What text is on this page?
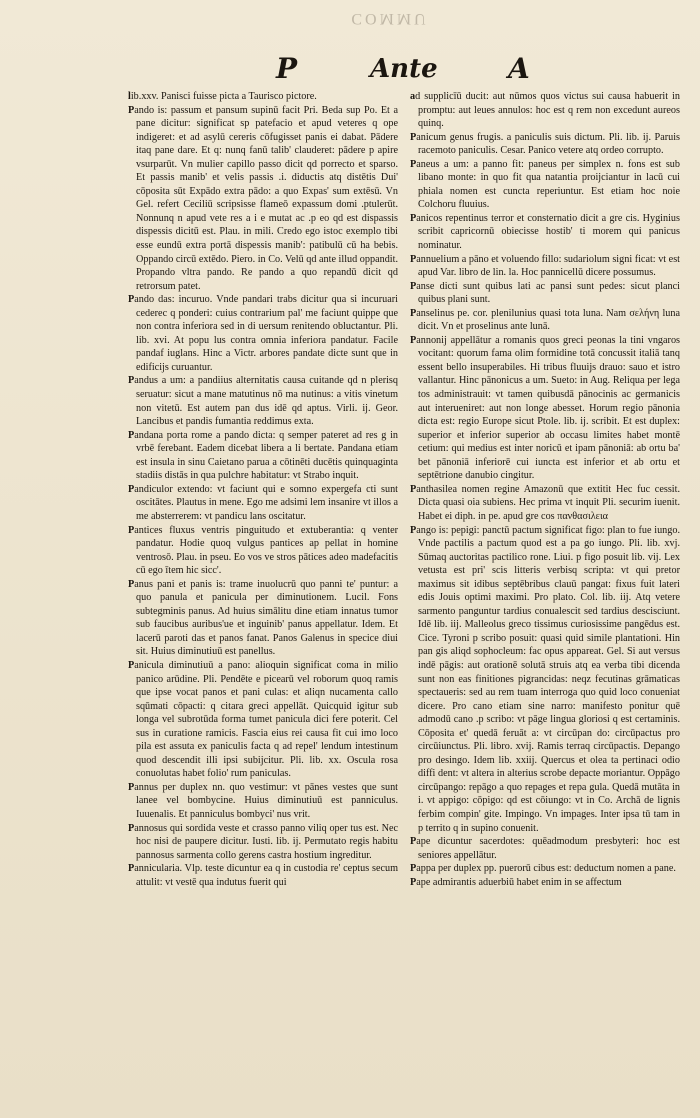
COMMU
P	Ante	A

lib.xxv. Panisci fuisse picta a Taurisco pictore.

Pando is: passum et pansum supinū facit Pri. Beda sup Po. Et a pane dicitur: significat sp patefacio et apud veteres q ope indigeret: et ad asylū cereris cōfugisset panis ei dabat. Pādere itaq pane dare. Et q: nunq fanū talib' clauderet: pādere p apire vsurparūt. Vn mulier capillo passo dicit qd porrecto et sparso. Et passis manib' et velis passis .i. diductis atq distētis Dui' cōposita sūt Expādo extra pādo: a quo Expas' sum extēsū. Vn Gel. refert Ceciliū scripsisse flameō expassum domi .ptulerūt. Nonnunq n apud vete res a i e mutat ac .p eo qd est dispassis dispessis dicitū est. Plau. in mili. Credo ego istoc exemplo tibi esse eundū extra portā dispessis manib': patibulū cū ha bebis. Oppando circū extēdo. Piero. in Co. Velū qd ante illud oppandit. Propando vltra pando. Re pando a quo repandū dicit qd retrorsum patet.

Pando das: incuruo. Vnde pandari trabs dicitur qua si incuruari cederec q ponderi: cuius contrarium pal' me faciunt quippe que non contra inferiora sed in di uersum renitendo obluctantur. Pli. lib. xvi. At popu lus contra omnia inferiora pandatur. Facile pandaf iuglans. Hinc a Victr. arbores pandate dicte sunt que in edificijs curuantur.

Pandus a um: a pandiius alternitatis causa cuitande qd n plerisq seruatur: sicut a mane matutinus nō ma nutinus: a vitis vinetum non vitetū. Est autem pan dus idē qd aptus. Virli. ij. Geor. Lancibus et pandis fumantia reddimus exta.

Pandana porta rome a pando dicta: q semper pateret ad res g in vrbē ferebant. Eadem dicebat libera a li bertate. Pandana etiam est insula in sinu Caietano parua a cōtinēti ducētis quinquaginta stadiis distās in qua pulchre habitatur: vt Strabo inquit.

Pandiculor extendo: vt faciunt qui e somno expergefa cti sunt oscitātes. Plautus in mene. Ego me adsimi lem insanire vt illos a me absterrerem: vt pandicu lans oscitatur.

Pantices fluxus ventris pinguitudo et extuberantia: q venter pandatur. Hodie quoq vulgus pantices ap pellat in homine ventrosō. Plau. in pseu. Eo vos ve stros pātices adeo madefacitis cū ego ītem hic sicc'.

Panus pani et panis is: trame inuolucrū quo panni te' puntur: a quo panula et panicula per diminutionem. Lucil. Fons subtegminis panus. Ad huius simālitu dine etiam innatus tumor sub faucibus auribus'ue et inguinib' panus appellatur. Idem. Et lacerū paroti das et panos fanat. Panos Galenus in specice diui sit. Huius diminutiuū est panellus.

Panicula diminutiuū a pano: alioquin significat coma in milio panico arūdine. Pli. Pendēte e picearū vel roborum quoq ramis que ipse vocat panos et pani culas: et aliqn nucamenta callo sqūmati cōpacti: q citara greci appellāt. Quicquid igitur sub longa vel subrotūda forma tumet panicula dici fere poterit. Cel sus in curatione ramicis. Fascia eius rei causa fit cui imo loco pila est assuta ex paniculis facta q ad repel' lendum intestinum quod descendit illi ipsi subijcitur. Pli. lib. xx. Oscula rosa conuolutas habet folio' rum paniculas.

Pannus per duplex nn. quo vestimur: vt pānes vestes que sunt lanee vel bombycine. Huius diminutiuū est panniculus. Iuuenalis. Et panniculus bombyci' nus vrit.

Pannosus qui sordida veste et crasso panno viliq oper tus est. Nec hoc nisi de paupere dicitur. Iusti. lib. ij. Permutato regis habitu pannosus sarmenta collo gerens castra hostium ingreditur.

Pannicularia. Vlp. teste dicuntur ea q in custodia re' ceptus secum attulit: vt vestē qua indutus fuerit qui

ad supplicīū ducit: aut nūmos quos victus sui causa habuerit in promptu: aut leues annulos: hoc est q rem non excedunt aureos quinq.

Panicum genus frugis. a paniculis suis dictum. Pli. lib. ij. Paruis racemoto paniculis. Cesar. Panico vetere atq ordeo corrupto.

Paneus a um: a panno fit: paneus per simplex n. fons est sub libano monte: in quo fit qua natantia proijciantur in lacū cui phiala nomen est cuncta reperiuntur. Est etiam hoc noie Colchoru fluuius.

Panicos repentinus terror et consternatio dicit a gre cis. Hyginius scribit capricornū obiecisse hostib' ti morem qui panicus nominatur.

Pannuelium a pāno et voluendo fillo: sudariolum signi ficat: vt est apud Var. libro de lin. la. Hoc pannicellū dicere possumus.

Panse dicti sunt quibus lati ac pansi sunt pedes: sicut planci quibus plani sunt.

Panselinus pe. cor. plenilunius quasi tota luna. Nam σελήνη luna dicit. Vn et proselinus ante lunā.

Pannonij appellātur a romanis quos greci peonas la tini vngaros vocitant: quorum fama olim formidine totā concussit italiā tanq essent bello insuperabiles. Hi tribus fluuijs drauo: sauo et istro vallantur. Hinc pānonicus a um. Sueto: in Aug. Reliqua per lega tos administrauit: vt tamen quibusdā pānocinis ac germanicis aut interueniret: aut non longe abesset. Horum regio pānonia dicta est: regio Europe sicut Ptole. lib. ij. scribit. Et est duplex: superior et inferior superior ab occasu limites habet montē cetium: qui medius est inter noricū et ipam pānoniā: ab ortu ba' bet pānoniā inferiorē cui iuncta est inferior et ab ortu et septētrione danubio cingitur.

Panthasilea nomen regine Amazonū que extitit Hec fuc cessit. Dicta quasi oia subiens. Hec prima vt inquit Pli. securim iuenit. Habet ei diph. in pe. apud gre cos πανθασιλεια

Pango is: pepigi: panctū pactum significat figo: plan to fue iungo. Vnde pactilis a pactum quod est a pa go iungo. Pli. lib. xvj. Sūmaq auctoritas pactilico rone. Liui. p figo posuit lib. vij. Lex vetusta est pri' scis litteris verbisq scripta: vt qui pretor maximus sit idibus septēbribus clauū pangat: fixus fuit lateri edis Jouis optimi maximi. Pro plato. Col. lib. iij. Atq vetere sarmento panguntur tardius conualescit sed tardius descisciunt. Idē lib. iij. Malleolus greco tissimus curiosissime pangēdus est. Cice. Tyroni p scribo posuit: quasi quid simile plantationi. Hin pan gis aliqd sophocleum: fac opus appareat. Gel. Si aut versus indē pāgis: aut orationē solutā struis atq ea verba tibi dicenda sunt non eas finitiones pigrancidas: neqz fecutinas grāmaticas spectaueris: sed au rem tuam interroga quo quid loco conueniat dicere. Pro cano etiam sine narro: manifesto ponitur quē admodū cano .p scribo: vt pāge lingua gloriosi q est certaminis. Cōposita et' quedā feruāt a: vt circūpan do: circūpactus pro circūiunctus. Pli. libro. xvij. Ramis terraq circūpactis. Depango pro desingo. Idem lib. xxiij. Quercus et olea ta pertinaci odio diffi dent: vt altera in alterius scrobe depacte moriantur. Oppāgo circūpango: repāgo a quo repages et repa gula. Quedā mutāta in i. vt appigo: cōpigo: qd est cōiungo: vt in Co. Archā de lignis ferbim compin' gite. Impingo. Vn impages. Inter ipsa tū tam in p territo q in supino conuenit.

Pape dicuntur sacerdotes: quēadmodum presbyteri: hoc est seniores appellātur.

Pappa per duplex pp. puerorū cibus est: deductum nomen a pane.

Pape admirantis aduerbiū habet enim in se affectum
